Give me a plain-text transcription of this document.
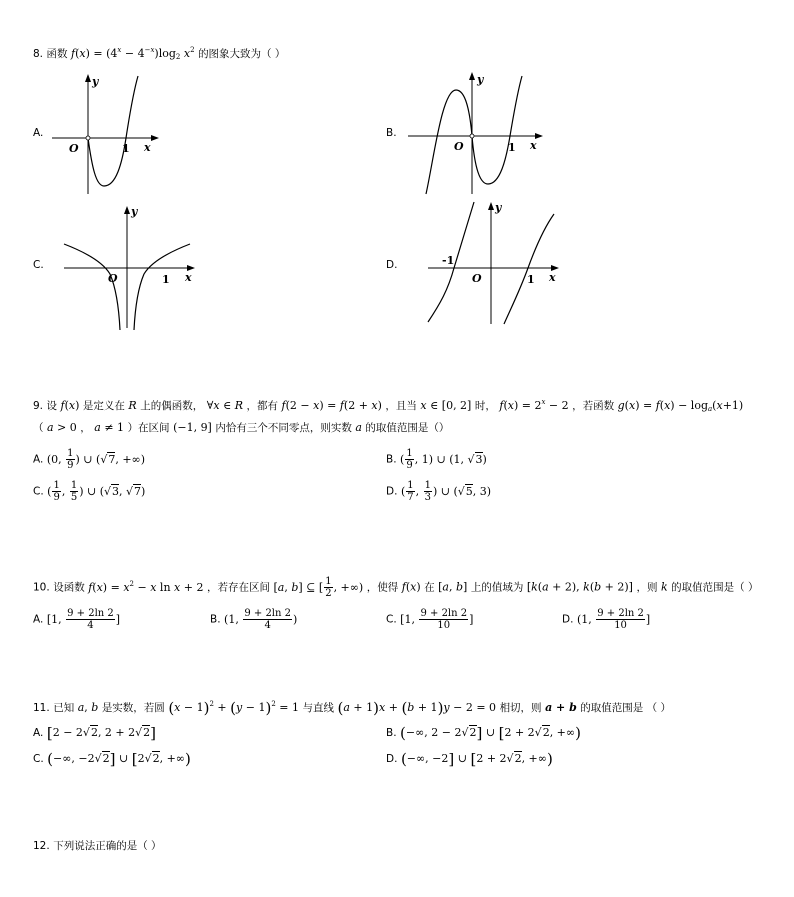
8. 函数 $f(x) = (4^x - 4^{-x})\log_2$ $x^2$ 的图象大致为（ ）
A.	B.
C.	D.
O	1 x
y
O	1 x
y
O	1 x
y
-1
O	1 x
y
9. 设 f(x) 是定义在 R 上的偶函数， ∀x ∈ R ，都有 f(2 − x) = f(2 + x) ，且当 x ∈ [0, 2] 时， $f(x) = 2^x - 2$ ，若函数 $g(x) = f(x) - \log_a(x+1)$
（ a > 0 ， a ≠ 1 ）在区间 (−1, 9] 内恰有三个不同零点，则实数 a 的取值范围是（）
A. (0, $\frac{1}{9}$ ) ∪ (√7, +∞)	B. ( $\frac{1}{9}$ , 1) ∪ (1, √3)
C. ( $\frac{1}{9}$ , $\frac{1}{5}$ ) ∪ (√3, √7)	D. ( $\frac{1}{7}$ , $\frac{1}{3}$ ) ∪ (√5, 3)
10. 设函数 $f(x) = x^2 - x$ ln x + 2 ，若存在区间 [a, b] ⊆ [ $\frac{1}{2}$ , +∞) ，使得 f(x) 在 [a, b] 上的值域为 [k(a + 2), k(b + 2)] ，则 k 的取值范围是（ ）
A. [1, $\frac{9 + 2\ln 2}{4}$ ]	B. (1, $\frac{9 + 2\ln 2}{4}$ )	C. [1, $\frac{9 + 2\ln 2}{10}$ ]	D. (1, $\frac{9 + 2\ln 2}{10}$ ]
11. 已知 a, b 是实数，若圆 $(x - 1)^2 + (y - 1)^2 = 1$ 与直线 (a + 1)x + (b + 1)y − 2 = 0 相切，则 a + b 的取值范围是 （ ）
A. [2 − 2√2, 2 + 2√2]	B. (−∞, 2 − 2√2] ∪ [2 + 2√2, +∞)
C. (−∞, −2√2] ∪ [2√2, +∞)	D. (−∞, −2] ∪ [2 + 2√2, +∞)
12. 下列说法正确的是（ ）
